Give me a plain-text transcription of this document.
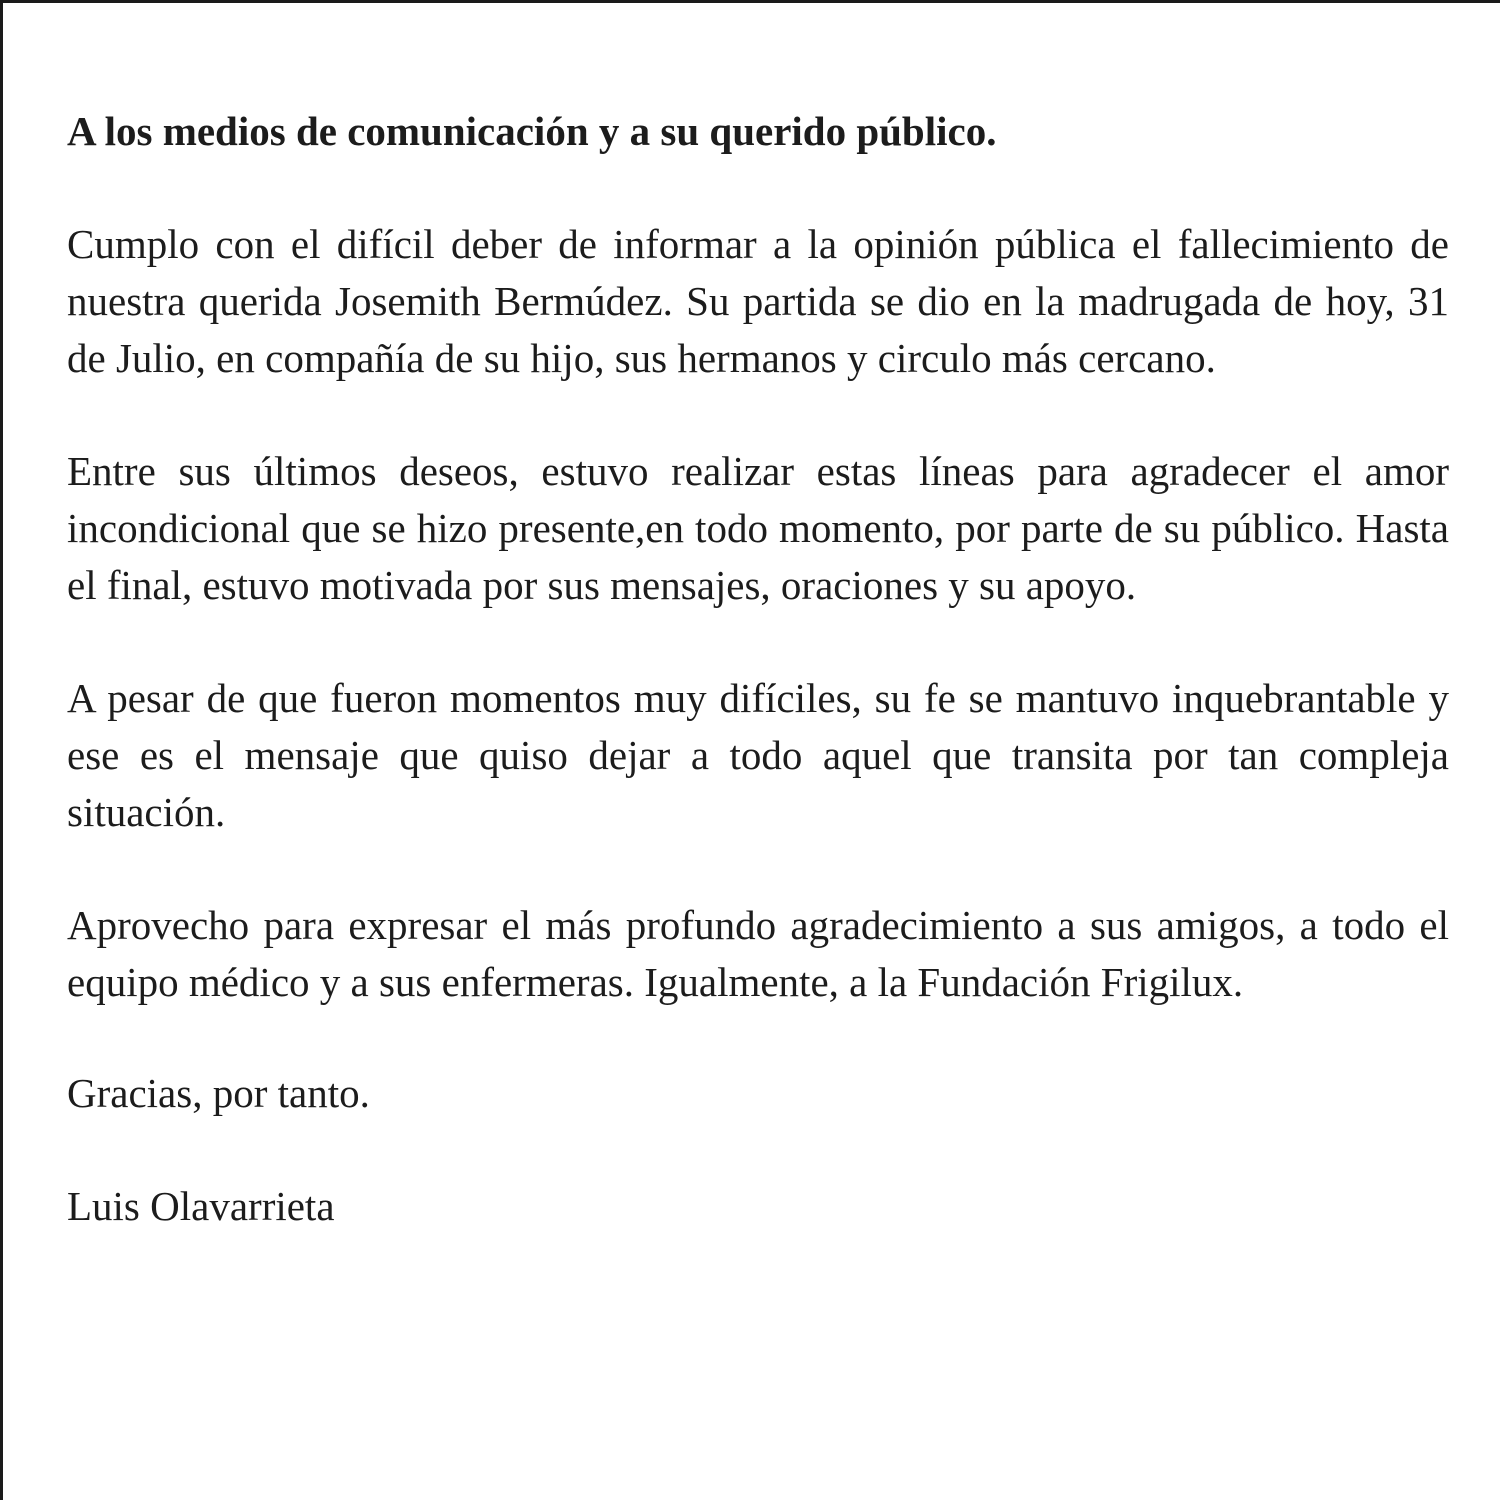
A los medios de comunicación y a su querido público.

Cumplo con el difícil deber de informar a la opinión pública el fallecimiento de nuestra querida Josemith Bermúdez. Su partida se dio en la madrugada de hoy, 31 de Julio, en compañía de su hijo, sus hermanos y circulo más cercano.

Entre sus últimos deseos, estuvo realizar estas líneas para agradecer el amor incondicional que se hizo presente,en todo momento, por parte de su público. Hasta el final, estuvo motivada por sus mensajes, oraciones y su apoyo.

A pesar de que fueron momentos muy difíciles, su fe se mantuvo inquebrantable y ese es el mensaje que quiso dejar a todo aquel que transita por tan compleja situación.

Aprovecho para expresar el más profundo agradecimiento a sus amigos, a todo el equipo médico y a sus enfermeras. Igualmente, a la Fundación Frigilux.

Gracias, por tanto.

Luis Olavarrieta
